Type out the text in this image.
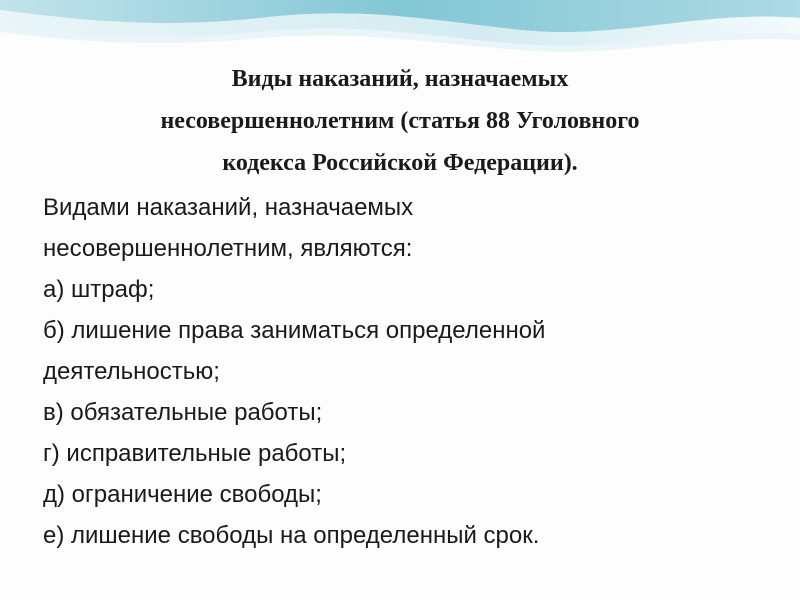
Виды наказаний, назначаемых
несовершеннолетним (статья 88 Уголовного
кодекса Российской Федерации).
Видами наказаний, назначаемых
несовершеннолетним, являются:
а) штраф;
б) лишение права заниматься определенной
деятельностью;
в) обязательные работы;
г) исправительные работы;
д) ограничение свободы;
е) лишение свободы на определенный срок.
